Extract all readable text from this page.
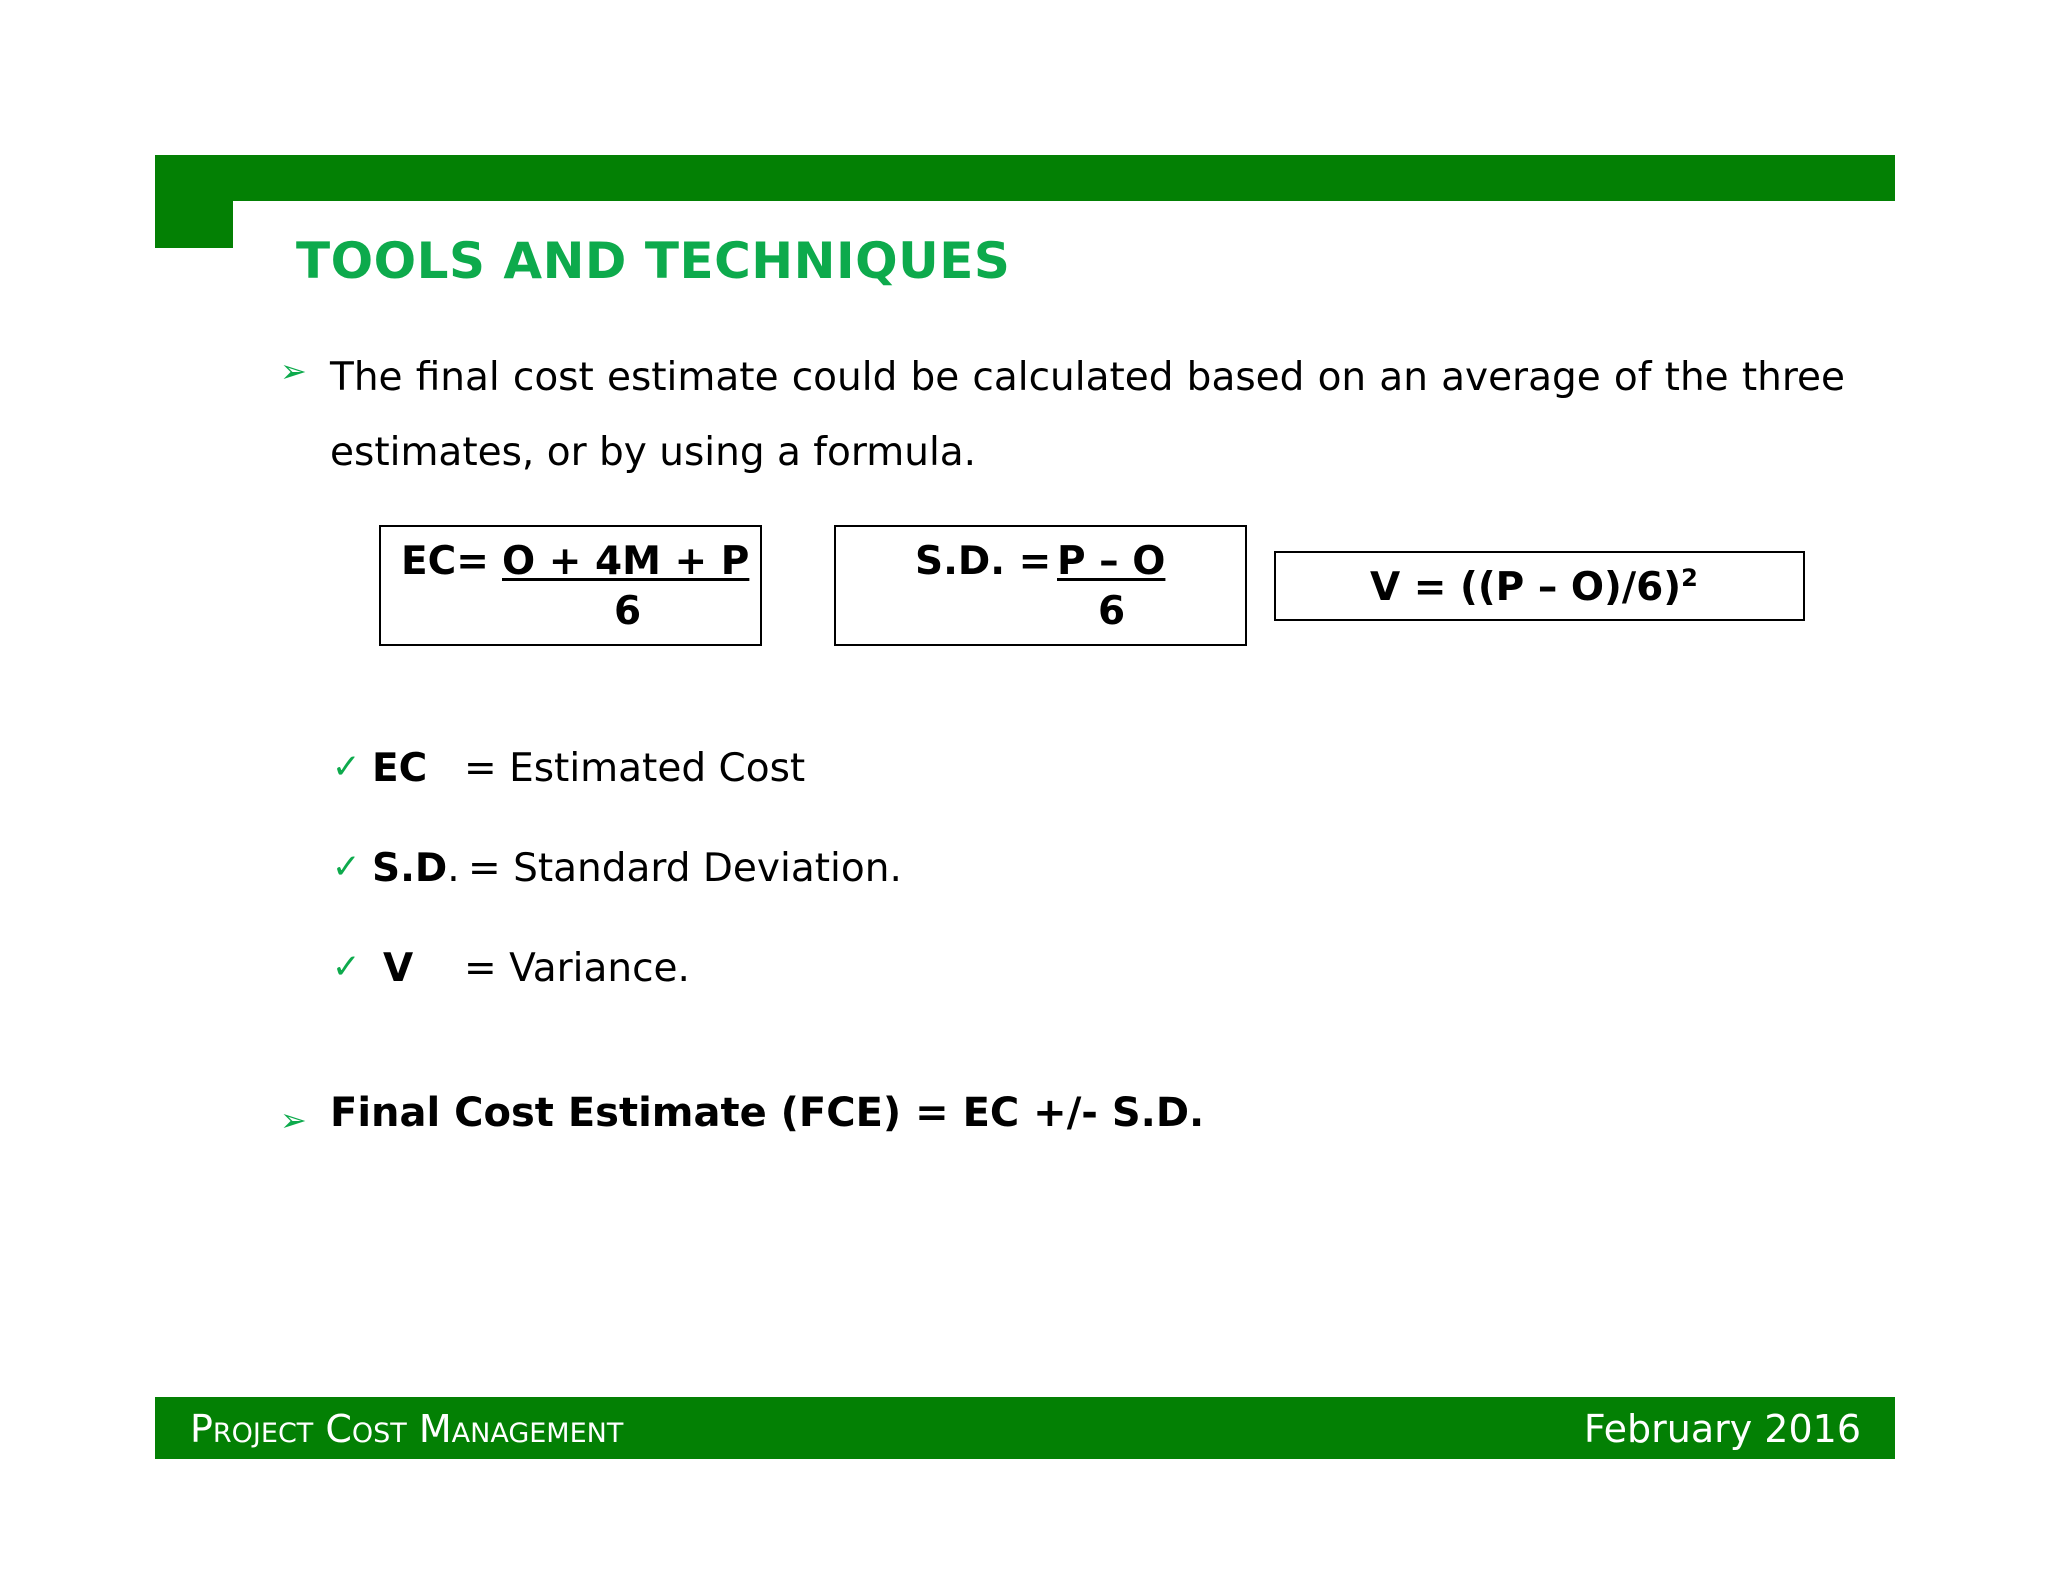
TOOLS AND TECHNIQUES
➢ The final cost estimate could be calculated based on an average of the three estimates, or by using a formula.
EC= O + 4M + P
6
S.D. = P – O
6
V = ((P – O)/6)$^2$
✓ EC = Estimated Cost
✓ S.D. = Standard Deviation.
✓ V = Variance.
➢ Final Cost Estimate (FCE) = EC +/- S.D.
Project Cost Management	February 2016
